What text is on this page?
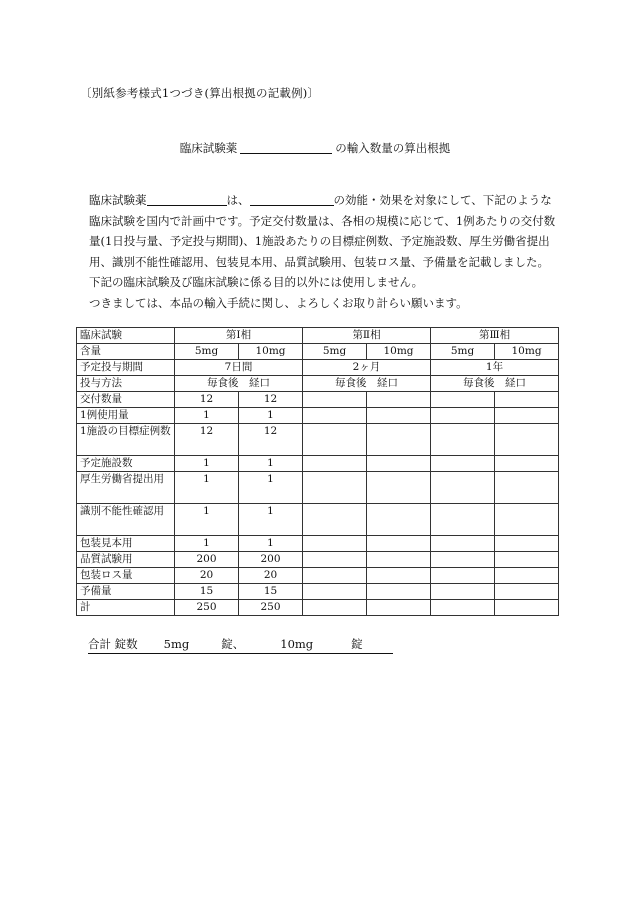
〔別紙参考様式1つづき(算出根拠の記載例)〕
臨床試験薬	の輸入数量の算出根拠

臨床試験薬	は、	の効能・効果を対象にして、下記のような臨床試験を国内で計画中です。予定交付数量は、各相の規模に応じて、1例あたりの交付数量(1日投与量、予定投与期間)、1施設あたりの目標症例数、予定施設数、厚生労働省提出用、識別不能性確認用、包装見本用、品質試験用、包装ロス量、予備量を記載しました。

下記の臨床試験及び臨床試験に係る目的以外には使用しません。

つきましては、本品の輸入手続に関し、よろしくお取り計らい願います。

臨床試験	第Ⅰ相		第Ⅱ相		第Ⅲ相	
含量	5mg	10mg	5mg	10mg	5mg	10mg
予定投与期間	7日間		2ヶ月		1年	
投与方法	毎食後　経口		毎食後　経口		毎食後　経口	
交付数量	12	12				
1例使用量	1	1				
1施設の目標症例数	12	12				
予定施設数	1	1				
厚生労働省提出用	1	1				
識別不能性確認用	1	1				
包装見本用	1	1				
品質試験用	200	200				
包装ロス量	20	20				
予備量	15	15				
計	250	250				
合計 錠数 5mg	錠、	10mg	錠
